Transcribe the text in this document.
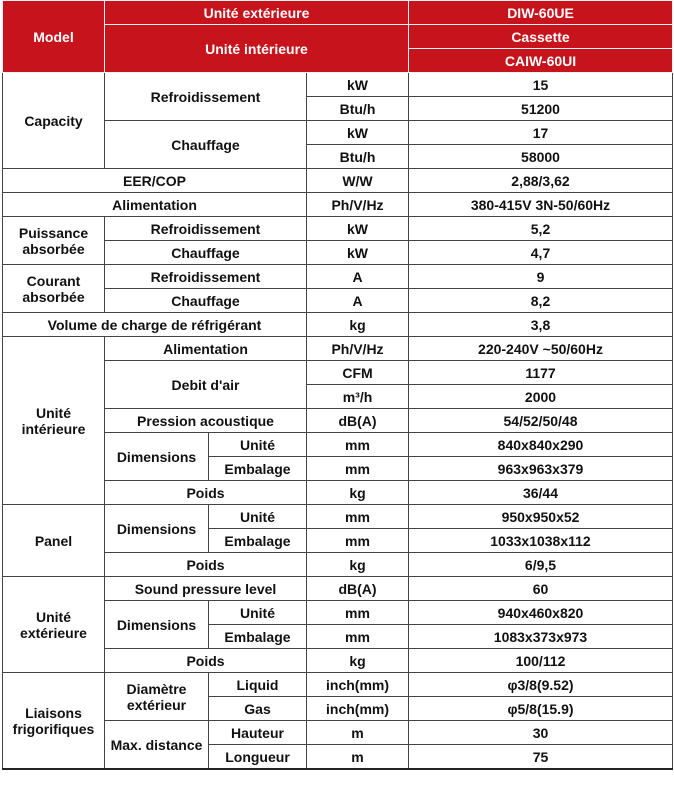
Model	Unité extérieure			DIW-60UE
	Unité intérieure			Cassette
				CAIW-60UI
Capacity	Refroidissement		kW	15
			Btu/h	51200
	Chauffage		kW	17
			Btu/h	58000
EER/COP			W/W	2,88/3,62
Alimentation			Ph/V/Hz	380-415V 3N-50/60Hz
Puissance absorbée	Refroidissement		kW	5,2
	Chauffage		kW	4,7
Courant absorbée	Refroidissement		A	9
	Chauffage		A	8,2
Volume de charge de réfrigérant			kg	3,8
Unité intérieure	Alimentation		Ph/V/Hz	220-240V ~50/60Hz
	Debit d'air		CFM	1177
			m³/h	2000
	Pression acoustique		dB(A)	54/52/50/48
	Dimensions	Unité	mm	840x840x290
		Embalage	mm	963x963x379
	Poids		kg	36/44
Panel	Dimensions	Unité	mm	950x950x52
		Embalage	mm	1033x1038x112
	Poids		kg	6/9,5
Unité extérieure	Sound pressure level		dB(A)	60
	Dimensions	Unité	mm	940x460x820
		Embalage	mm	1083x373x973
	Poids		kg	100/112
Liaisons frigorifiques	Diamètre extérieur	Liquid	inch(mm)	φ3/8(9.52)
		Gas	inch(mm)	φ5/8(15.9)
	Max. distance	Hauteur	m	30
		Longueur	m	75
